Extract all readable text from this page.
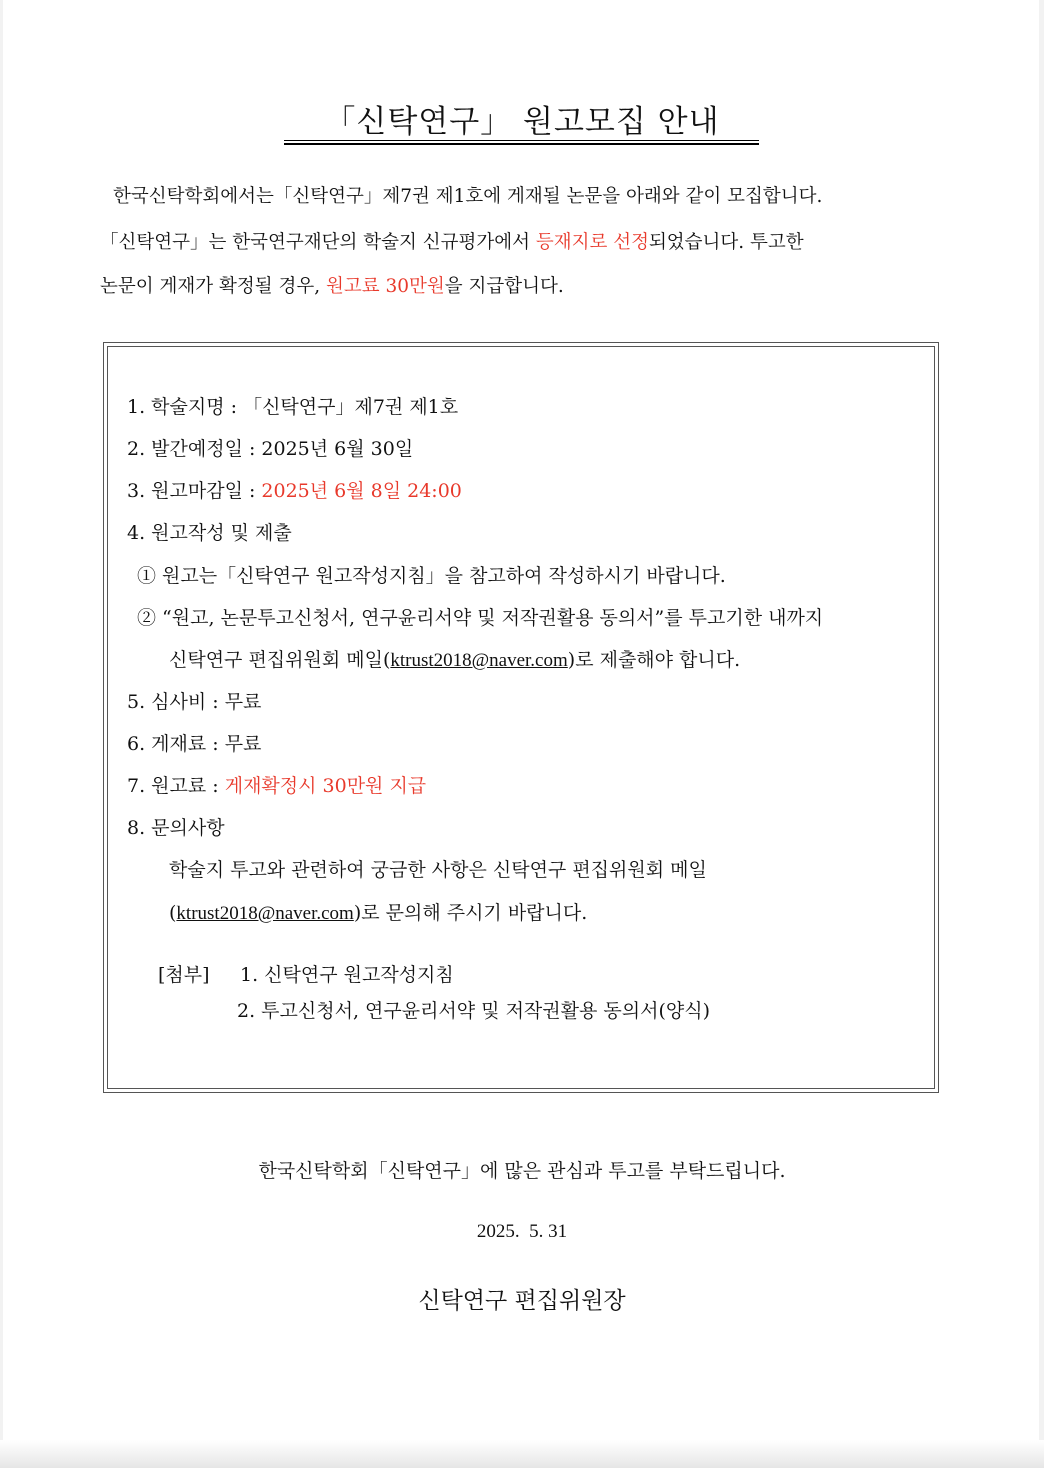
「신탁연구」 원고모집 안내
한국신탁학회에서는「신탁연구」제7권 제1호에 게재될 논문을 아래와 같이 모집합니다.
「신탁연구」는 한국연구재단의 학술지 신규평가에서 등재지로 선정되었습니다. 투고한
논문이 게재가 확정될 경우, 원고료 30만원을 지급합니다.
1. 학술지명 : 「신탁연구」제7권 제1호
2. 발간예정일 : 2025년 6월 30일
3. 원고마감일 : 2025년 6월 8일 24:00
4. 원고작성 및 제출
① 원고는「신탁연구 원고작성지침」을 참고하여 작성하시기 바랍니다.
② “원고, 논문투고신청서, 연구윤리서약 및 저작권활용 동의서”를 투고기한 내까지
신탁연구 편집위원회 메일(ktrust2018@naver.com)로 제출해야 합니다.
5. 심사비 : 무료
6. 게재료 : 무료
7. 원고료 : 게재확정시 30만원 지급
8. 문의사항
학술지 투고와 관련하여 궁금한 사항은 신탁연구 편집위원회 메일
(ktrust2018@naver.com)로 문의해 주시기 바랍니다.
[첨부] 1. 신탁연구 원고작성지침
2. 투고신청서, 연구윤리서약 및 저작권활용 동의서(양식)
한국신탁학회「신탁연구」에 많은 관심과 투고를 부탁드립니다.
2025.  5. 31
신탁연구 편집위원장
